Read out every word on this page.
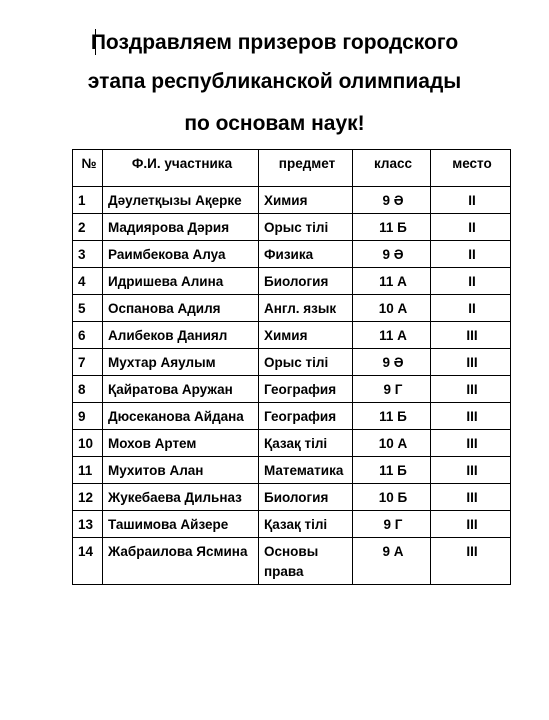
Поздравляем призеров городского
этапа республиканской олимпиады
по основам наук!
№	Ф.И. участника	предмет	класс	место
1	Дәулетқызы Ақерке	Химия	9 Ә	II
2	Мадиярова Дәрия	Орыс тілі	11 Б	II
3	Раимбекова Алуа	Физика	9 Ә	II
4	Идришева Алина	Биология	11 А	II
5	Оспанова Адиля	Англ. язык	10 А	II
6	Алибеков Даниял	Химия	11 А	III
7	Мухтар Аяулым	Орыс тілі	9 Ә	III
8	Қайратова Аружан	География	9 Г	III
9	Дюсеканова Айдана	География	11 Б	III
10	Мохов Артем	Қазақ тілі	10 А	III
11	Мухитов Алан	Математика	11 Б	III
12	Жукебаева Дильназ	Биология	10 Б	III
13	Ташимова Айзере	Қазақ тілі	9 Г	III
14	Жабраилова Ясмина	Основы права	9 А	III
